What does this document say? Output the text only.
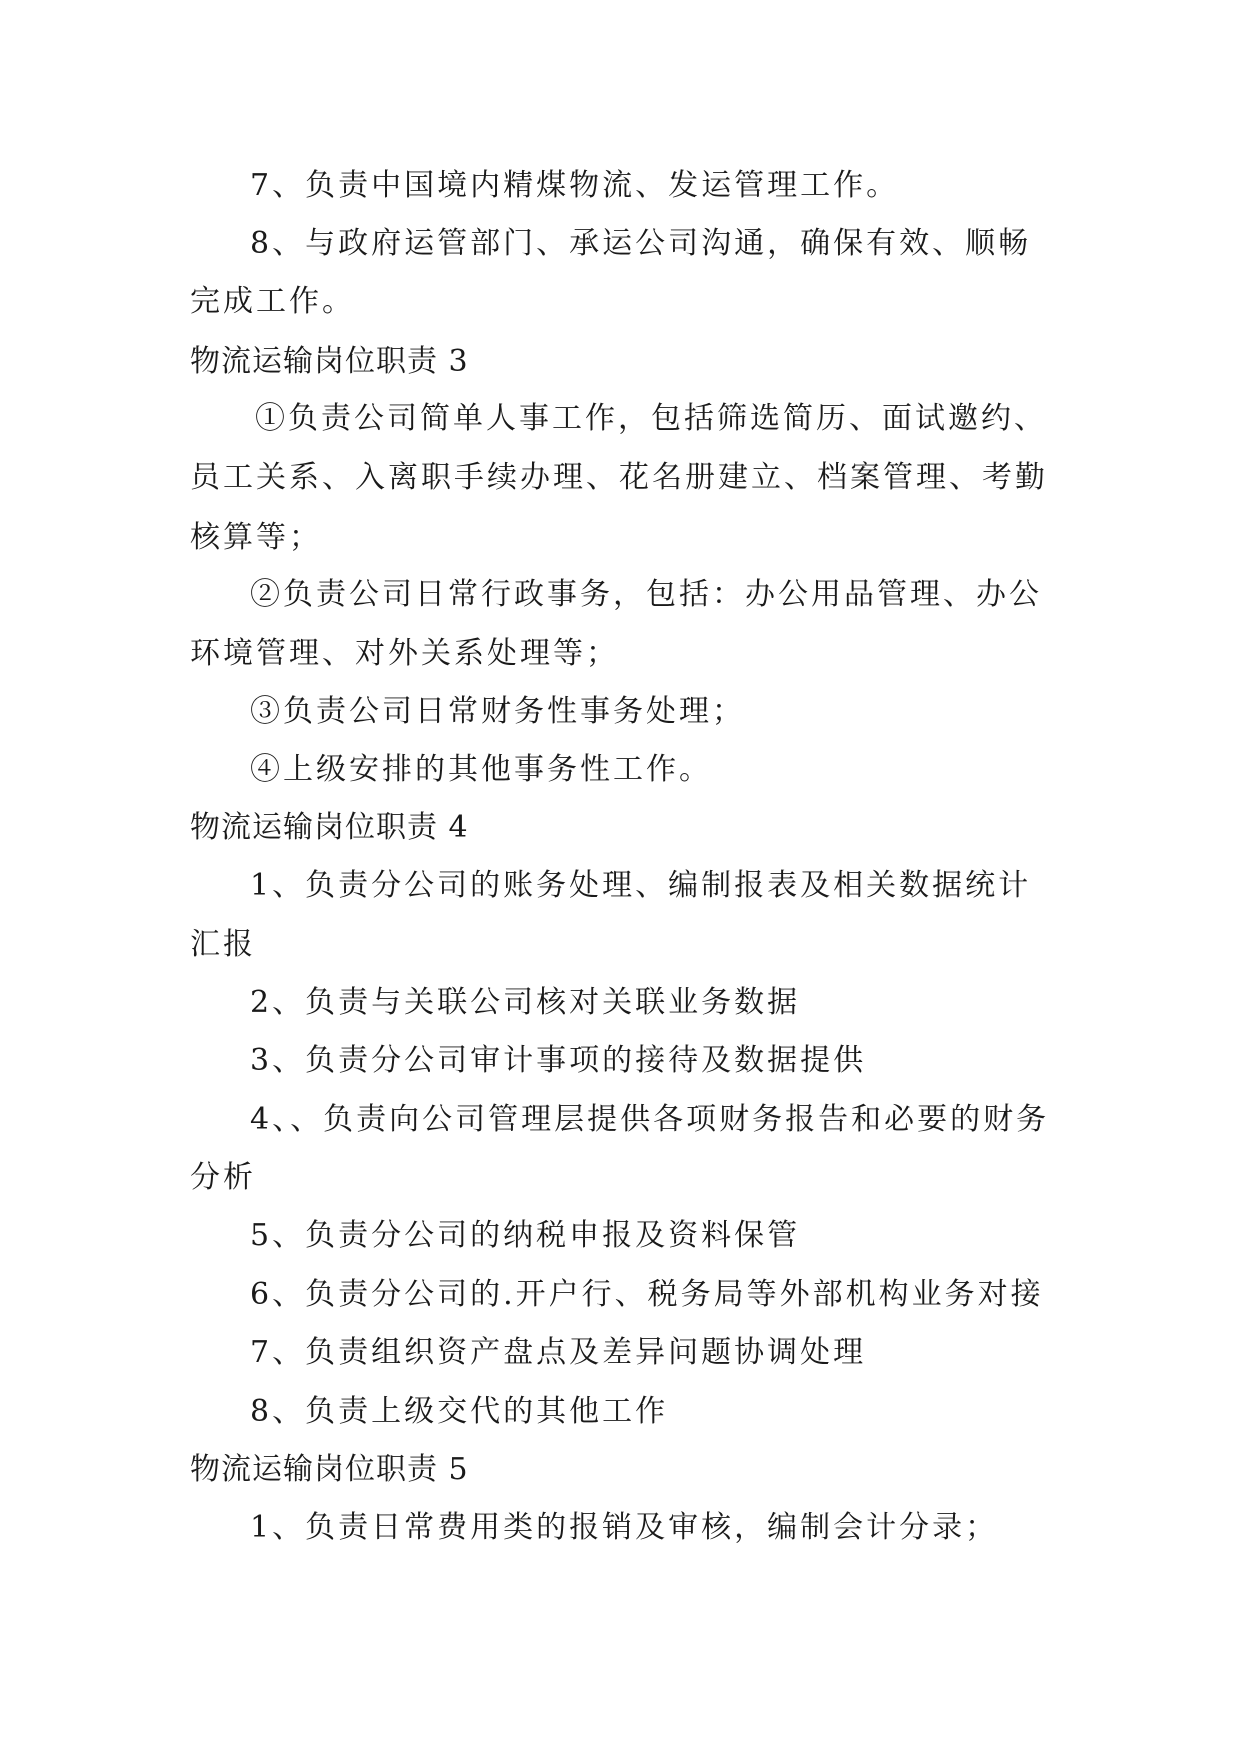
7、负责中国境内精煤物流、发运管理工作。
8、与政府运管部门、承运公司沟通，确保有效、顺畅
完成工作。
物流运输岗位职责 3
①负责公司简单人事工作，包括筛选简历、面试邀约、
员工关系、入离职手续办理、花名册建立、档案管理、考勤
核算等；
②负责公司日常行政事务，包括：办公用品管理、办公
环境管理、对外关系处理等；
③负责公司日常财务性事务处理；
④上级安排的其他事务性工作。
物流运输岗位职责 4
1、负责分公司的账务处理、编制报表及相关数据统计
汇报
2、负责与关联公司核对关联业务数据
3、负责分公司审计事项的接待及数据提供
4、、负责向公司管理层提供各项财务报告和必要的财务
分析
5、负责分公司的纳税申报及资料保管
6、负责分公司的.开户行、税务局等外部机构业务对接
7、负责组织资产盘点及差异问题协调处理
8、负责上级交代的其他工作
物流运输岗位职责 5
1、负责日常费用类的报销及审核，编制会计分录；
